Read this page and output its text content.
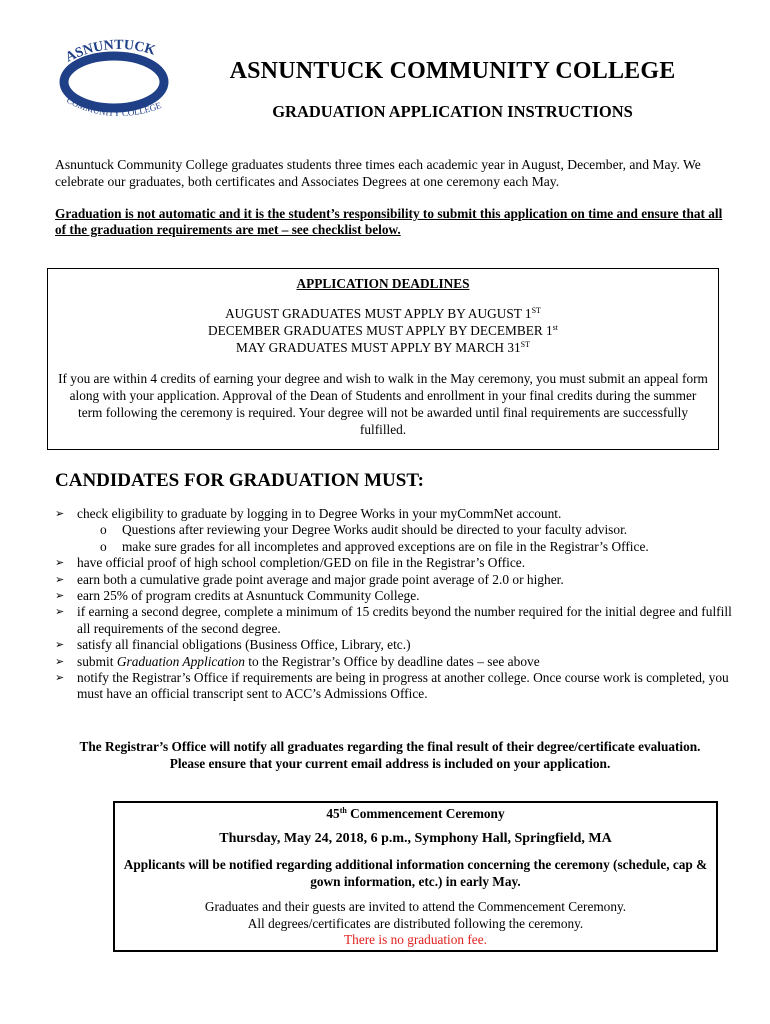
ASNUNTUCK
COMMUNITY COLLEGE
ASNUNTUCK COMMUNITY COLLEGE
GRADUATION APPLICATION INSTRUCTIONS
Asnuntuck Community College graduates students three times each academic year in August, December, and May. We celebrate our graduates, both certificates and Associates Degrees at one ceremony each May.
Graduation is not automatic and it is the student’s responsibility to submit this application on time and ensure that all of the graduation requirements are met – see checklist below.
APPLICATION DEADLINES
AUGUST GRADUATES MUST APPLY BY AUGUST 1ST
DECEMBER GRADUATES MUST APPLY BY DECEMBER 1st
MAY GRADUATES MUST APPLY BY MARCH 31ST
If you are within 4 credits of earning your degree and wish to walk in the May ceremony, you must submit an appeal form along with your application. Approval of the Dean of Students and enrollment in your final credits during the summer term following the ceremony is required. Your degree will not be awarded until final requirements are successfully fulfilled.
CANDIDATES FOR GRADUATION MUST:
➢ check eligibility to graduate by logging in to Degree Works in your myCommNet account.
o Questions after reviewing your Degree Works audit should be directed to your faculty advisor.
o make sure grades for all incompletes and approved exceptions are on file in the Registrar’s Office.
➢ have official proof of high school completion/GED on file in the Registrar’s Office.
➢ earn both a cumulative grade point average and major grade point average of 2.0 or higher.
➢ earn 25% of program credits at Asnuntuck Community College.
➢ if earning a second degree, complete a minimum of 15 credits beyond the number required for the initial degree and fulfill all requirements of the second degree.
➢ satisfy all financial obligations (Business Office, Library, etc.)
➢ submit Graduation Application to the Registrar’s Office by deadline dates – see above
➢ notify the Registrar’s Office if requirements are being in progress at another college. Once course work is completed, you must have an official transcript sent to ACC’s Admissions Office.
The Registrar’s Office will notify all graduates regarding the final result of their degree/certificate evaluation.
Please ensure that your current email address is included on your application.
45th Commencement Ceremony
Thursday, May 24, 2018, 6 p.m., Symphony Hall, Springfield, MA
Applicants will be notified regarding additional information concerning the ceremony (schedule, cap & gown information, etc.) in early May.
Graduates and their guests are invited to attend the Commencement Ceremony.
All degrees/certificates are distributed following the ceremony.
There is no graduation fee.
